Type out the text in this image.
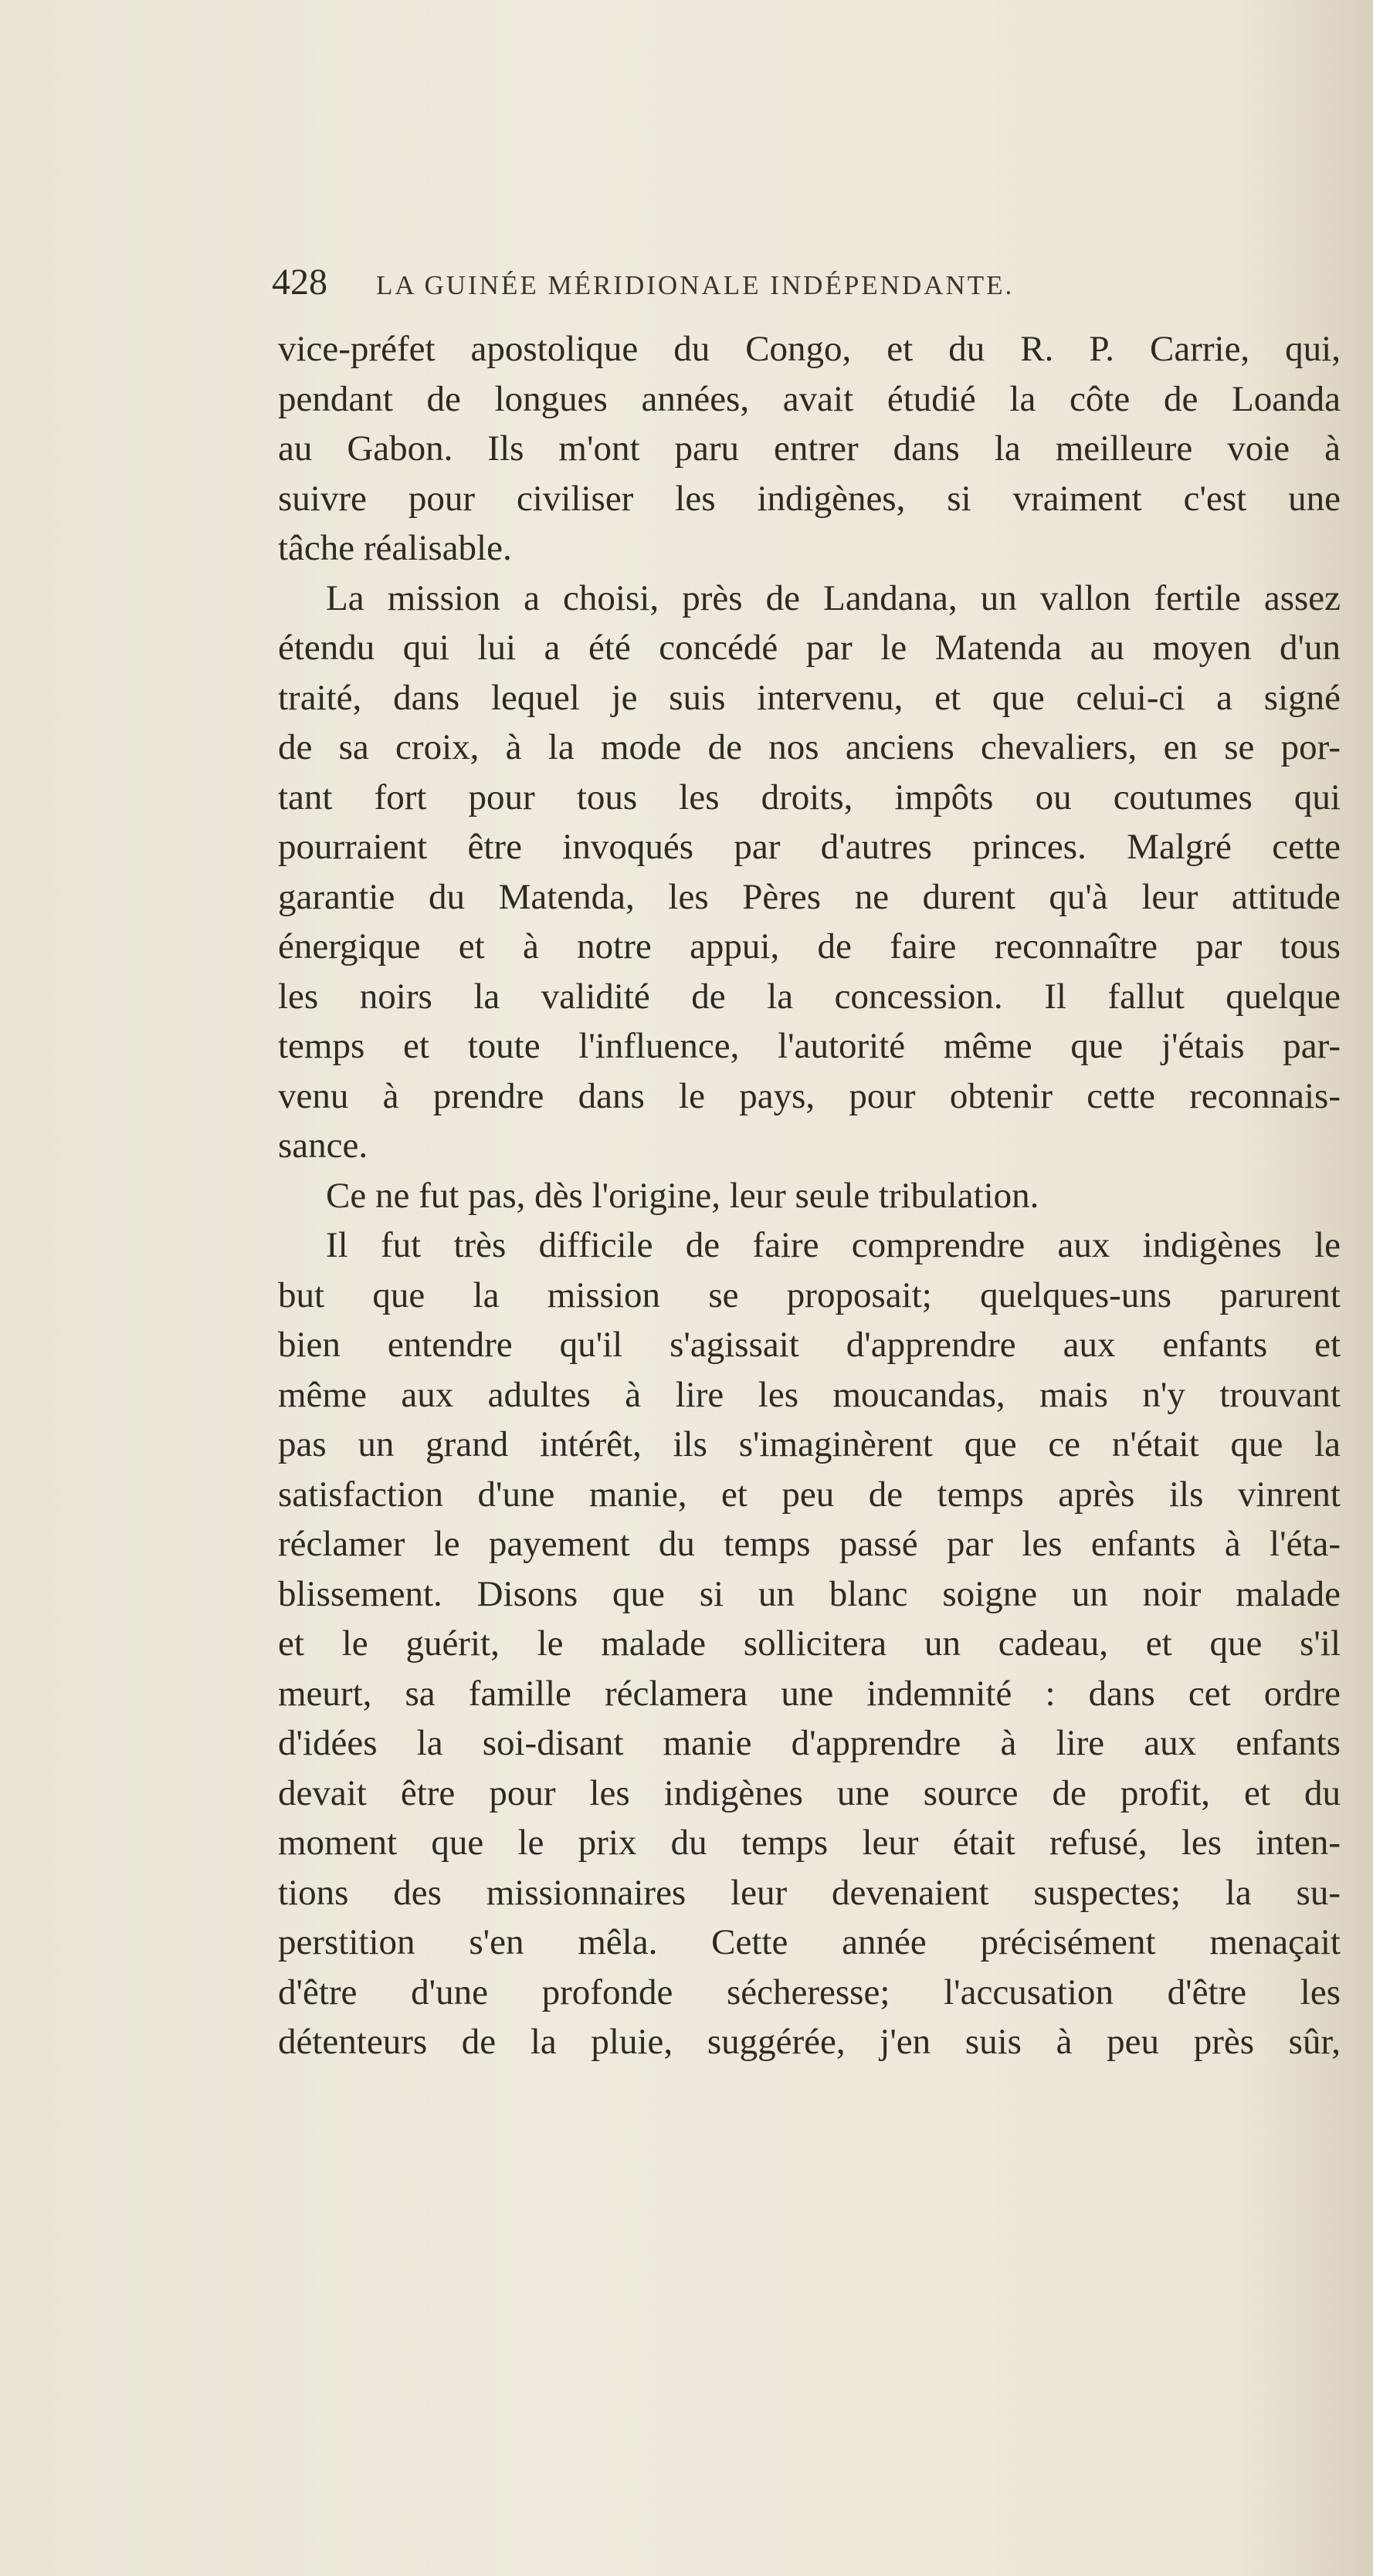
428	LA GUINÉE MÉRIDIONALE INDÉPENDANTE.
vice-préfet apostolique du Congo, et du R. P. Carrie, qui,
pendant de longues années, avait étudié la côte de Loanda
au Gabon. Ils m'ont paru entrer dans la meilleure voie à
suivre pour civiliser les indigènes, si vraiment c'est une
tâche réalisable.
La mission a choisi, près de Landana, un vallon fertile assez
étendu qui lui a été concédé par le Matenda au moyen d'un
traité, dans lequel je suis intervenu, et que celui-ci a signé
de sa croix, à la mode de nos anciens chevaliers, en se por-
tant fort pour tous les droits, impôts ou coutumes qui
pourraient être invoqués par d'autres princes. Malgré cette
garantie du Matenda, les Pères ne durent qu'à leur attitude
énergique et à notre appui, de faire reconnaître par tous
les noirs la validité de la concession. Il fallut quelque
temps et toute l'influence, l'autorité même que j'étais par-
venu à prendre dans le pays, pour obtenir cette reconnais-
sance.
Ce ne fut pas, dès l'origine, leur seule tribulation.
Il fut très difficile de faire comprendre aux indigènes le
but que la mission se proposait; quelques-uns parurent
bien entendre qu'il s'agissait d'apprendre aux enfants et
même aux adultes à lire les moucandas, mais n'y trouvant
pas un grand intérêt, ils s'imaginèrent que ce n'était que la
satisfaction d'une manie, et peu de temps après ils vinrent
réclamer le payement du temps passé par les enfants à l'éta-
blissement. Disons que si un blanc soigne un noir malade
et le guérit, le malade sollicitera un cadeau, et que s'il
meurt, sa famille réclamera une indemnité : dans cet ordre
d'idées la soi-disant manie d'apprendre à lire aux enfants
devait être pour les indigènes une source de profit, et du
moment que le prix du temps leur était refusé, les inten-
tions des missionnaires leur devenaient suspectes; la su-
perstition s'en mêla. Cette année précisément menaçait
d'être d'une profonde sécheresse; l'accusation d'être les
détenteurs de la pluie, suggérée, j'en suis à peu près sûr,
